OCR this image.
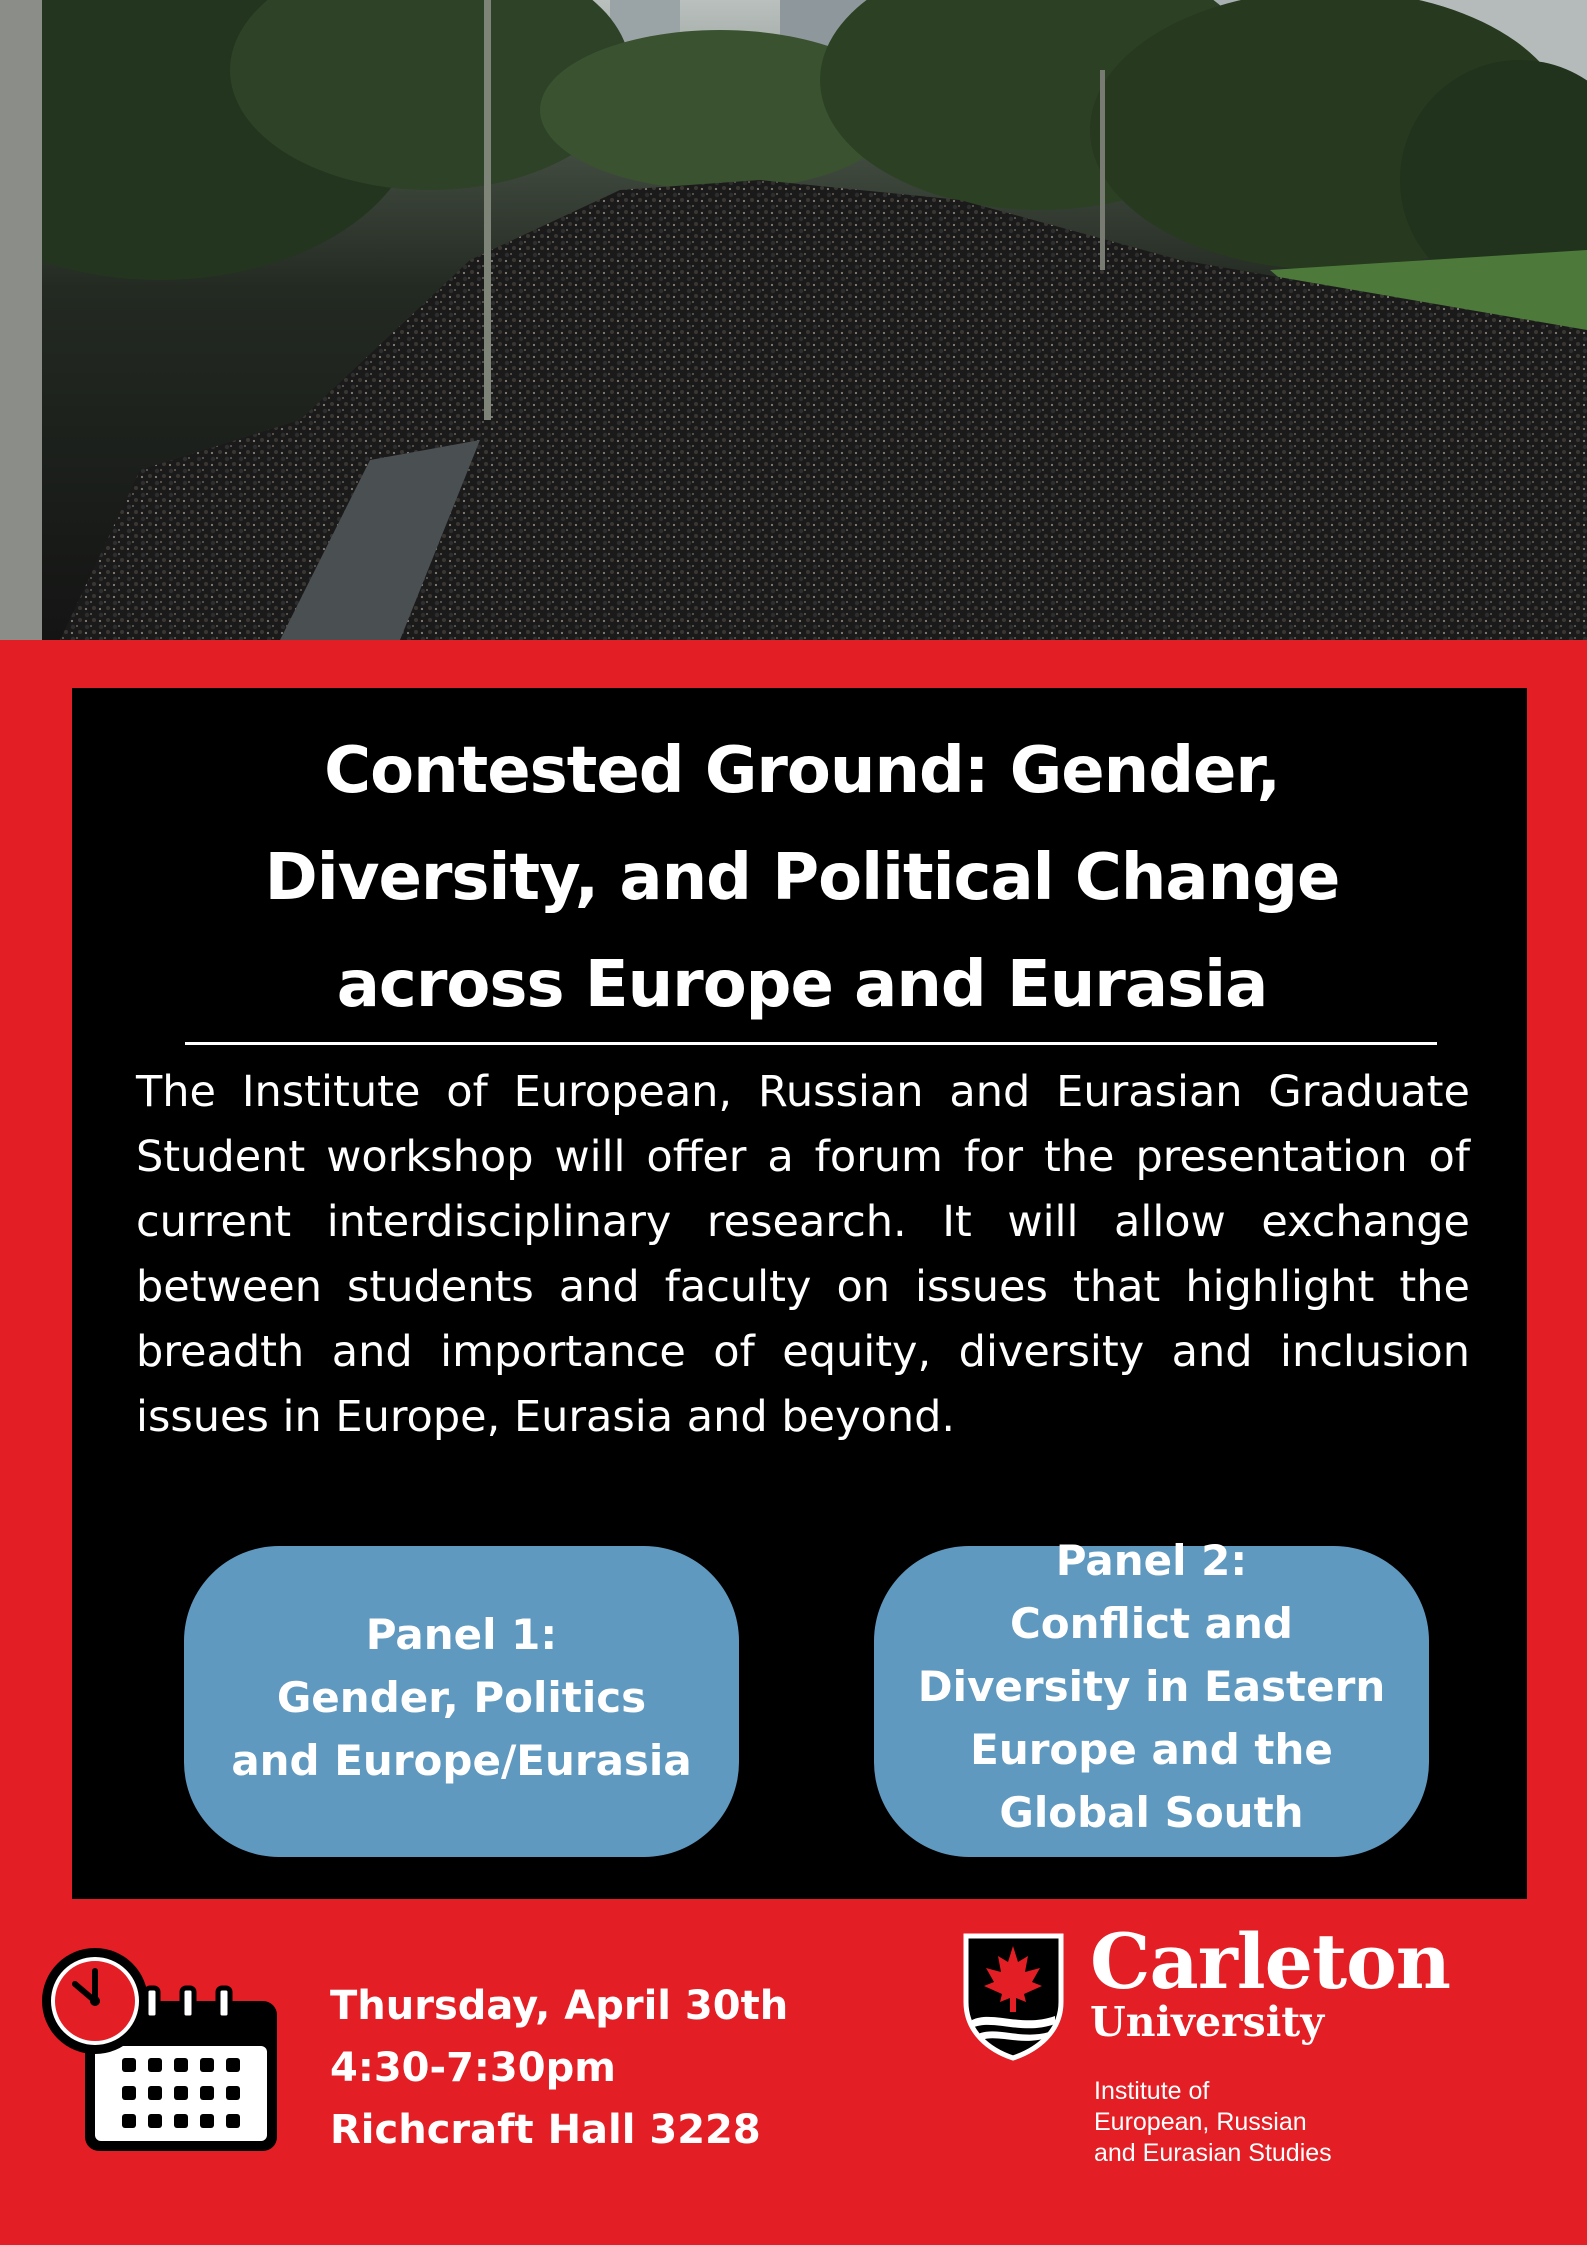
Contested Ground: Gender, Diversity, and Political Change across Europe and Eurasia
The Institute of European, Russian and Eurasian Graduate Student workshop will offer a forum for the presentation of current interdisciplinary research. It will allow exchange between students and faculty on issues that highlight the breadth and importance of equity, diversity and inclusion issues in Europe, Eurasia and beyond.
Panel 1:
Gender, Politics and Europe/Eurasia
Panel 2:
Conflict and Diversity in Eastern Europe and the Global South
Thursday, April 30th
4:30-7:30pm
Richcraft Hall 3228
Carleton
University
Institute of
European, Russian
and Eurasian Studies
